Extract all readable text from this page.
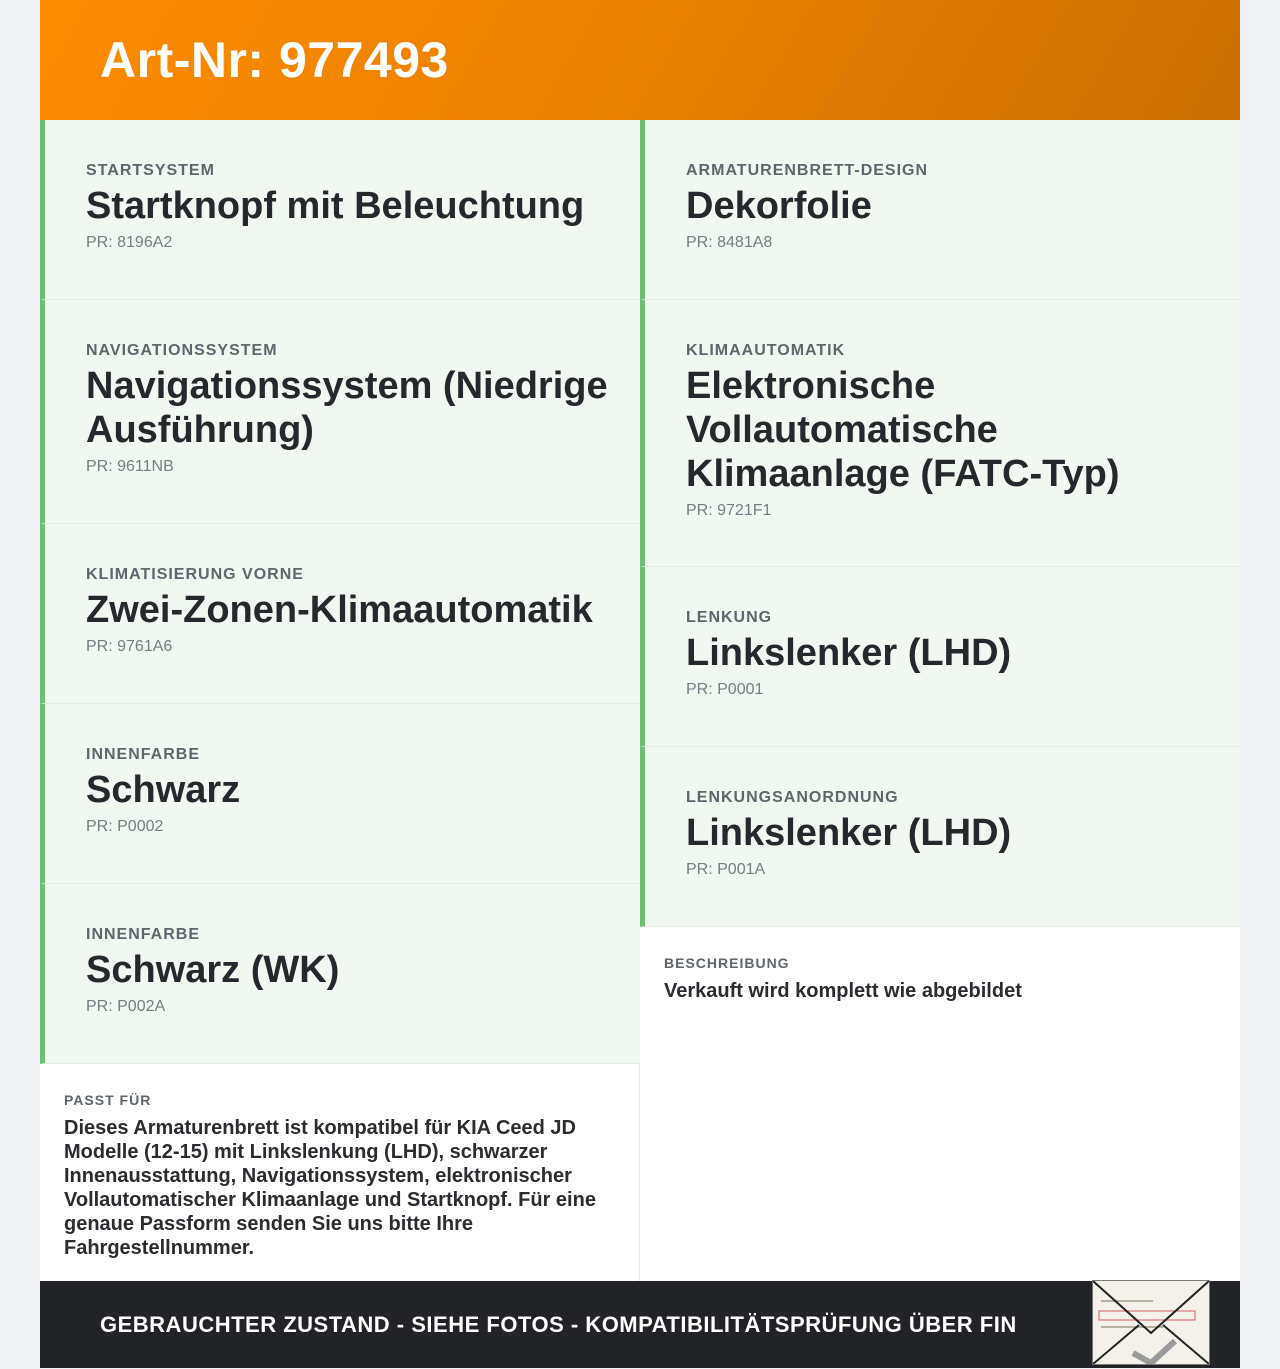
Art-Nr: 977493
STARTSYSTEM
Startknopf mit Beleuchtung
PR: 8196A2
NAVIGATIONSSYSTEM
Navigationssystem (Niedrige Ausführung)
PR: 9611NB
KLIMATISIERUNG VORNE
Zwei-Zonen-Klimaautomatik
PR: 9761A6
INNENFARBE
Schwarz
PR: P0002
INNENFARBE
Schwarz (WK)
PR: P002A
PASST FÜR
Dieses Armaturenbrett ist kompatibel für KIA Ceed JD Modelle (12-15) mit Linkslenkung (LHD), schwarzer Innenausstattung, Navigationssystem, elektronischer Vollautomatischer Klimaanlage und Startknopf. Für eine genaue Passform senden Sie uns bitte Ihre Fahrgestellnummer.
ARMATURENBRETT-DESIGN
Dekorfolie
PR: 8481A8
KLIMAAUTOMATIK
Elektronische Vollautomatische Klimaanlage (FATC-Typ)
PR: 9721F1
LENKUNG
Linkslenker (LHD)
PR: P0001
LENKUNGSANORDNUNG
Linkslenker (LHD)
PR: P001A
BESCHREIBUNG
Verkauft wird komplett wie abgebildet
GEBRAUCHTER ZUSTAND - SIEHE FOTOS - KOMPATIBILITÄTSPRÜFUNG ÜBER FIN
